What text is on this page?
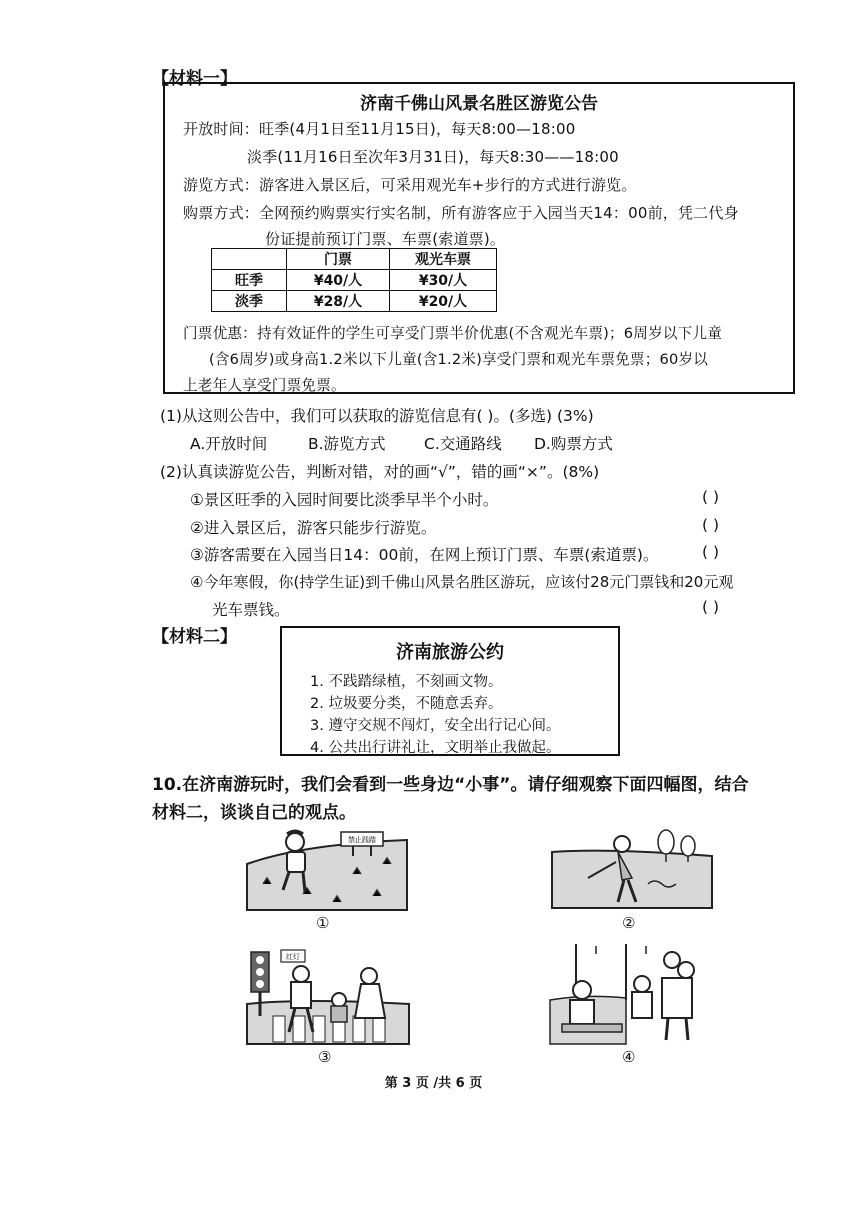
【材料一】
济南千佛山风景名胜区游览公告
开放时间：旺季(4月1日至11月15日)，每天8:00—18:00
淡季(11月16日至次年3月31日)，每天8:30——18:00
游览方式：游客进入景区后，可采用观光车+步行的方式进行游览。
购票方式：全网预约购票实行实名制，所有游客应于入园当天14：00前，凭二代身
份证提前预订门票、车票(索道票)。
	门票	观光车票
旺季	¥40/人	¥30/人
淡季	¥28/人	¥20/人
门票优惠：持有效证件的学生可享受门票半价优惠(不含观光车票)；6周岁以下儿童
(含6周岁)或身高1.2米以下儿童(含1.2米)享受门票和观光车票免票；60岁以
上老年人享受门票免票。
(1)从这则公告中，我们可以获取的游览信息有( )。(多选) (3%)
A.开放时间	B.游览方式 C.交通路线 D.购票方式
(2)认真读游览公告，判断对错，对的画“√”，错的画“×”。(8%)
①景区旺季的入园时间要比淡季早半个小时。	( )
②进入景区后，游客只能步行游览。	( )
③游客需要在入园当日14：00前，在网上预订门票、车票(索道票)。	( )
④今年寒假，你(持学生证)到千佛山风景名胜区游玩，应该付28元门票钱和20元观
光车票钱。	( )
【材料二】
济南旅游公约
1. 不践踏绿植，不刻画文物。
2. 垃圾要分类，不随意丢弃。
3. 遵守交规不闯灯，安全出行记心间。
4. 公共出行讲礼让，文明举止我做起。
10.在济南游玩时，我们会看到一些身边“小事”。请仔细观察下面四幅图，结合
材料二，谈谈自己的观点。
禁止践踏
①	②
红灯
③	④
第 3 页 /共 6 页
